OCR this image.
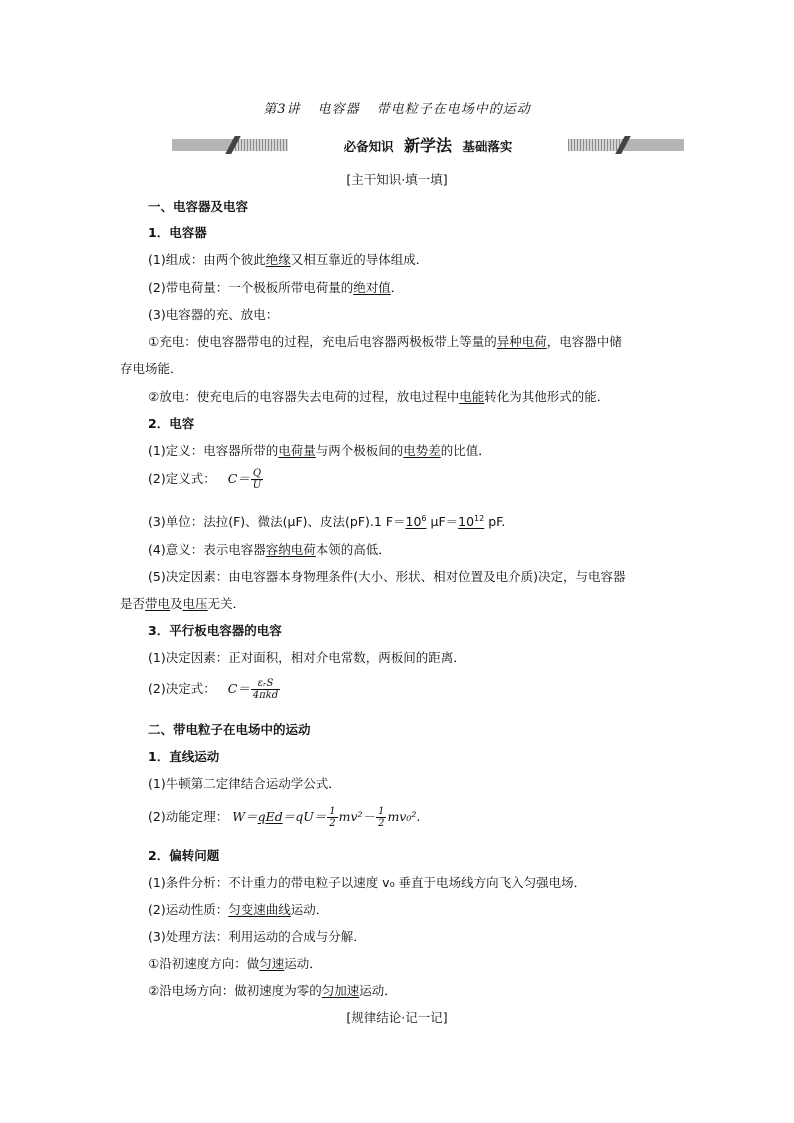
第3讲 电容器 带电粒子在电场中的运动
必备知识 新学法 基础落实
[主干知识·填一填]
一、电容器及电容
1．电容器
(1)组成：由两个彼此绝缘又相互靠近的导体组成．
(2)带电荷量：一个极板所带电荷量的绝对值．
(3)电容器的充、放电：
①充电：使电容器带电的过程，充电后电容器两极板带上等量的异种电荷，电容器中储
存电场能．
②放电：使充电后的电容器失去电荷的过程，放电过程中电能转化为其他形式的能．
2．电容
(1)定义：电容器所带的电荷量与两个极板间的电势差的比值．
(2)定义式： $C= \frac{Q}{U}$
(3)单位：法拉(F)、微法(μF)、皮法(pF).1 $F=10^6$ $\mu F=10^{12}$ pF.
(4)意义：表示电容器容纳电荷本领的高低．
(5)决定因素：由电容器本身物理条件(大小、形状、相对位置及电介质)决定，与电容器
是否带电及电压无关．
3．平行板电容器的电容
(1)决定因素：正对面积，相对介电常数，两板间的距离．
(2)决定式： $C= \frac{\text{εᵣS}}{\text{4πkd}}$
二、带电粒子在电场中的运动
1．直线运动
(1)牛顿第二定律结合运动学公式．
(2)动能定理： $W=qEd=qU= \frac{1}{2} mv^2- \frac{1}{2} mv_0^2$.
2．偏转问题
(1)条件分析：不计重力的带电粒子以速度 v₀ 垂直于电场线方向飞入匀强电场．
(2)运动性质：匀变速曲线运动．
(3)处理方法：利用运动的合成与分解．
①沿初速度方向：做匀速运动．
②沿电场方向：做初速度为零的匀加速运动．
[规律结论·记一记]
